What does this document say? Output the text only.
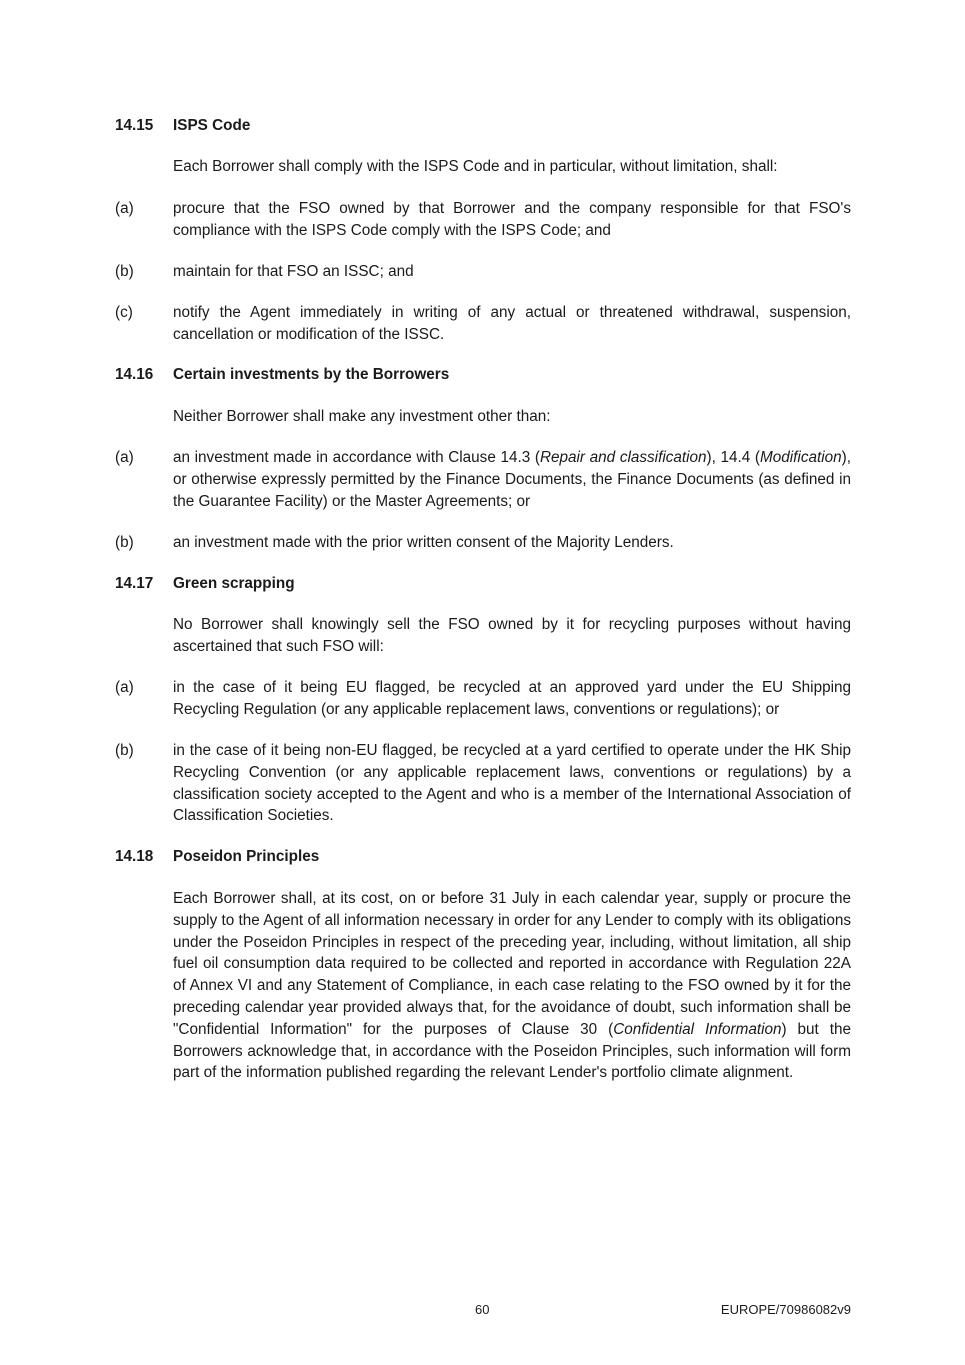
14.15 ISPS Code
Each Borrower shall comply with the ISPS Code and in particular, without limitation, shall:
(a)	procure that the FSO owned by that Borrower and the company responsible for that FSO's compliance with the ISPS Code comply with the ISPS Code; and
(b)	maintain for that FSO an ISSC; and
(c)	notify the Agent immediately in writing of any actual or threatened withdrawal, suspension, cancellation or modification of the ISSC.
14.16 Certain investments by the Borrowers
Neither Borrower shall make any investment other than:
(a)	an investment made in accordance with Clause 14.3 (Repair and classification), 14.4 (Modification), or otherwise expressly permitted by the Finance Documents, the Finance Documents (as defined in the Guarantee Facility) or the Master Agreements; or
(b)	an investment made with the prior written consent of the Majority Lenders.
14.17 Green scrapping
No Borrower shall knowingly sell the FSO owned by it for recycling purposes without having ascertained that such FSO will:
(a)	in the case of it being EU flagged, be recycled at an approved yard under the EU Shipping Recycling Regulation (or any applicable replacement laws, conventions or regulations); or
(b)	in the case of it being non-EU flagged, be recycled at a yard certified to operate under the HK Ship Recycling Convention (or any applicable replacement laws, conventions or regulations) by a classification society accepted to the Agent and who is a member of the International Association of Classification Societies.
14.18 Poseidon Principles
Each Borrower shall, at its cost, on or before 31 July in each calendar year, supply or procure the supply to the Agent of all information necessary in order for any Lender to comply with its obligations under the Poseidon Principles in respect of the preceding year, including, without limitation, all ship fuel oil consumption data required to be collected and reported in accordance with Regulation 22A of Annex VI and any Statement of Compliance, in each case relating to the FSO owned by it for the preceding calendar year provided always that, for the avoidance of doubt, such information shall be "Confidential Information" for the purposes of Clause 30 (Confidential Information) but the Borrowers acknowledge that, in accordance with the Poseidon Principles, such information will form part of the information published regarding the relevant Lender's portfolio climate alignment.
60	EUROPE/70986082v9
